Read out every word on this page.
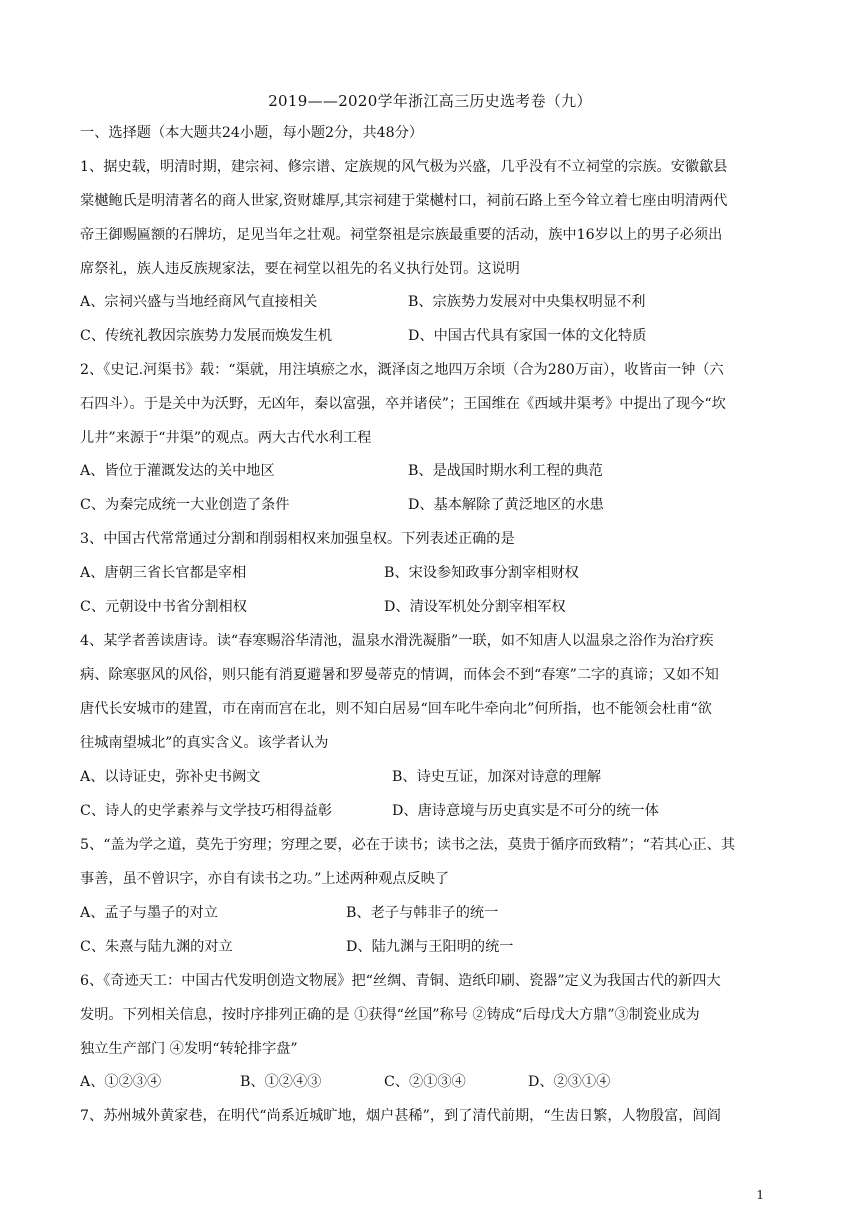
2019——2020学年浙江高三历史选考卷（九）
一、选择题（本大题共24小题，每小题2分，共48分）
1、据史载，明清时期，建宗祠、修宗谱、定族规的风气极为兴盛，几乎没有不立祠堂的宗族。安徽歙县
棠樾鲍氏是明清著名的商人世家,资财雄厚,其宗祠建于棠樾村口，祠前石路上至今耸立着七座由明清两代
帝王御赐匾额的石牌坊，足见当年之壮观。祠堂祭祖是宗族最重要的活动，族中16岁以上的男子必须出
席祭礼，族人违反族规家法，要在祠堂以祖先的名义执行处罚。这说明
A、宗祠兴盛与当地经商风气直接相关	B、宗族势力发展对中央集权明显不利
C、传统礼教因宗族势力发展而焕发生机	D、中国古代具有家国一体的文化特质
2、《史记.河渠书》载：“渠就，用注填瘀之水，溉泽卤之地四万余顷（合为280万亩），收皆亩一钟（六
石四斗）。于是关中为沃野，无凶年，秦以富强，卒并诸侯”；王国维在《西域井渠考》中提出了现今“坎
儿井”来源于“井渠”的观点。两大古代水利工程
A、皆位于灌溉发达的关中地区	B、是战国时期水利工程的典范
C、为秦完成统一大业创造了条件	D、基本解除了黄泛地区的水患
3、中国古代常常通过分割和削弱相权来加强皇权。下列表述正确的是
A、唐朝三省长官都是宰相	B、宋设参知政事分割宰相财权
C、元朝设中书省分割相权	D、清设军机处分割宰相军权
4、某学者善读唐诗。读“春寒赐浴华清池，温泉水滑洗凝脂”一联，如不知唐人以温泉之浴作为治疗疾
病、除寒驱风的风俗，则只能有消夏避暑和罗曼蒂克的情调，而体会不到“春寒”二字的真谛；又如不知
唐代长安城市的建置，市在南而宫在北，则不知白居易“回车叱牛牵向北”何所指，也不能领会杜甫“欲
往城南望城北”的真实含义。该学者认为
A、以诗证史，弥补史书阙文	B、诗史互证，加深对诗意的理解
C、诗人的史学素养与文学技巧相得益彰	D、唐诗意境与历史真实是不可分的统一体
5、“盖为学之道，莫先于穷理；穷理之要，必在于读书；读书之法，莫贵于循序而致精”；“若其心正、其
事善，虽不曾识字，亦自有读书之功。”上述两种观点反映了
A、孟子与墨子的对立	B、老子与韩非子的统一
C、朱熹与陆九渊的对立	D、陆九渊与王阳明的统一
6、《奇迹天工：中国古代发明创造文物展》把“丝绸、青铜、造纸印刷、瓷器”定义为我国古代的新四大
发明。下列相关信息，按时序排列正确的是 ①获得“丝国”称号 ②铸成“后母戊大方鼎”③制瓷业成为
独立生产部门 ④发明“转轮排字盘”
A、①②③④	B、①②④③	C、②①③④	D、②③①④
7、苏州城外黄家巷，在明代“尚系近城旷地，烟户甚稀”，到了清代前期，“生齿日繁，人物殷富，闾阎
1
